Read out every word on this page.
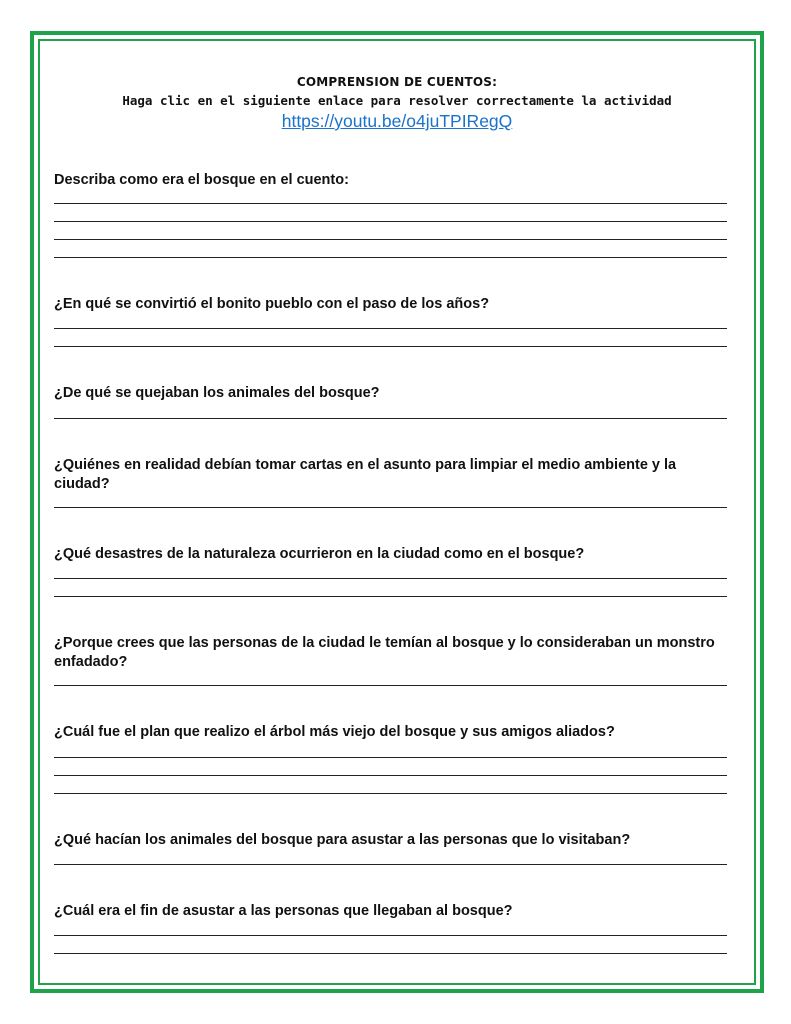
COMPRENSION DE CUENTOS:
Haga clic en el siguiente enlace para resolver correctamente la actividad
https://youtu.be/o4juTPIRegQ
Describa como era el bosque en el cuento:
¿En qué se convirtió el bonito pueblo con el paso de los años?
¿De qué se quejaban los animales del bosque?
¿Quiénes en realidad debían tomar cartas en el asunto para limpiar el medio ambiente y la ciudad?
¿Qué desastres de la naturaleza ocurrieron en la ciudad como en el bosque?
¿Porque crees que las personas de la ciudad le temían al bosque y lo consideraban un monstro enfadado?
¿Cuál fue el plan que realizo el árbol más viejo del bosque y sus amigos aliados?
¿Qué hacían los animales del bosque para asustar a las personas que lo visitaban?
¿Cuál era el fin de asustar a las personas que llegaban al bosque?
